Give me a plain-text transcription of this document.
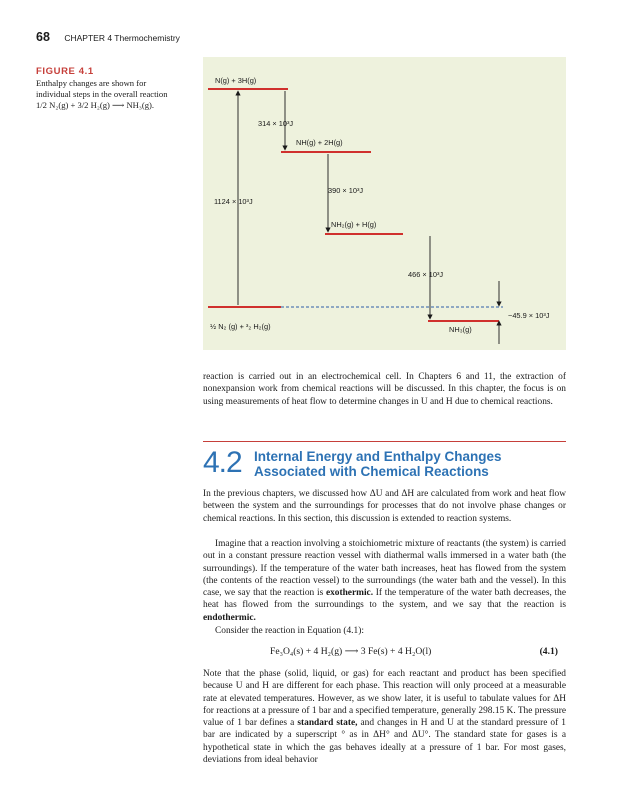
68 CHAPTER 4 Thermochemistry
FIGURE 4.1
Enthalpy changes are shown for
individual steps in the overall reaction
1/2 N₂(g) + 3/2 H₂(g) ⟶ NH₃(g).
N(g) + 3H(g)
314 × 10³J
NH(g) + 2H(g)
390 × 10³J
1124 × 10³J
NH₂(g) + H(g)
466 × 10³J
−45.9 × 10³J
½ N₂ (g) + ³₂ H₂(g)	NH₃(g)

reaction is carried out in an electrochemical cell. In Chapters 6 and 11, the extraction of nonexpansion work from chemical reactions will be discussed. In this chapter, the focus is on using measurements of heat flow to determine changes in U and H due to chemical reactions.

4.2 Internal Energy and Enthalpy Changes
Associated with Chemical Reactions

In the previous chapters, we discussed how ΔU and ΔH are calculated from work and heat flow between the system and the surroundings for processes that do not involve phase changes or chemical reactions. In this section, this discussion is extended to reaction systems.

Imagine that a reaction involving a stoichiometric mixture of reactants (the system) is carried out in a constant pressure reaction vessel with diathermal walls immersed in a water bath (the surroundings). If the temperature of the water bath increases, heat has flowed from the system (the contents of the reaction vessel) to the surroundings (the water bath and the vessel). In this case, we say that the reaction is exothermic. If the temperature of the water bath decreases, the heat has flowed from the surroundings to the system, and we say that the reaction is endothermic.

Consider the reaction in Equation (4.1):

Fe₃O₄(s) + 4 H₂(g) ⟶ 3 Fe(s) + 4 H₂O(l)	(4.1)

Note that the phase (solid, liquid, or gas) for each reactant and product has been specified because U and H are different for each phase. This reaction will only proceed at a measurable rate at elevated temperatures. However, as we show later, it is useful to tabulate values for ΔH for reactions at a pressure of 1 bar and a specified temperature, generally 298.15 K. The pressure value of 1 bar defines a standard state, and changes in H and U at the standard pressure of 1 bar are indicated by a superscript ° as in ΔH° and ΔU°. The standard state for gases is a hypothetical state in which the gas behaves ideally at a pressure of 1 bar. For most gases, deviations from ideal behavior
